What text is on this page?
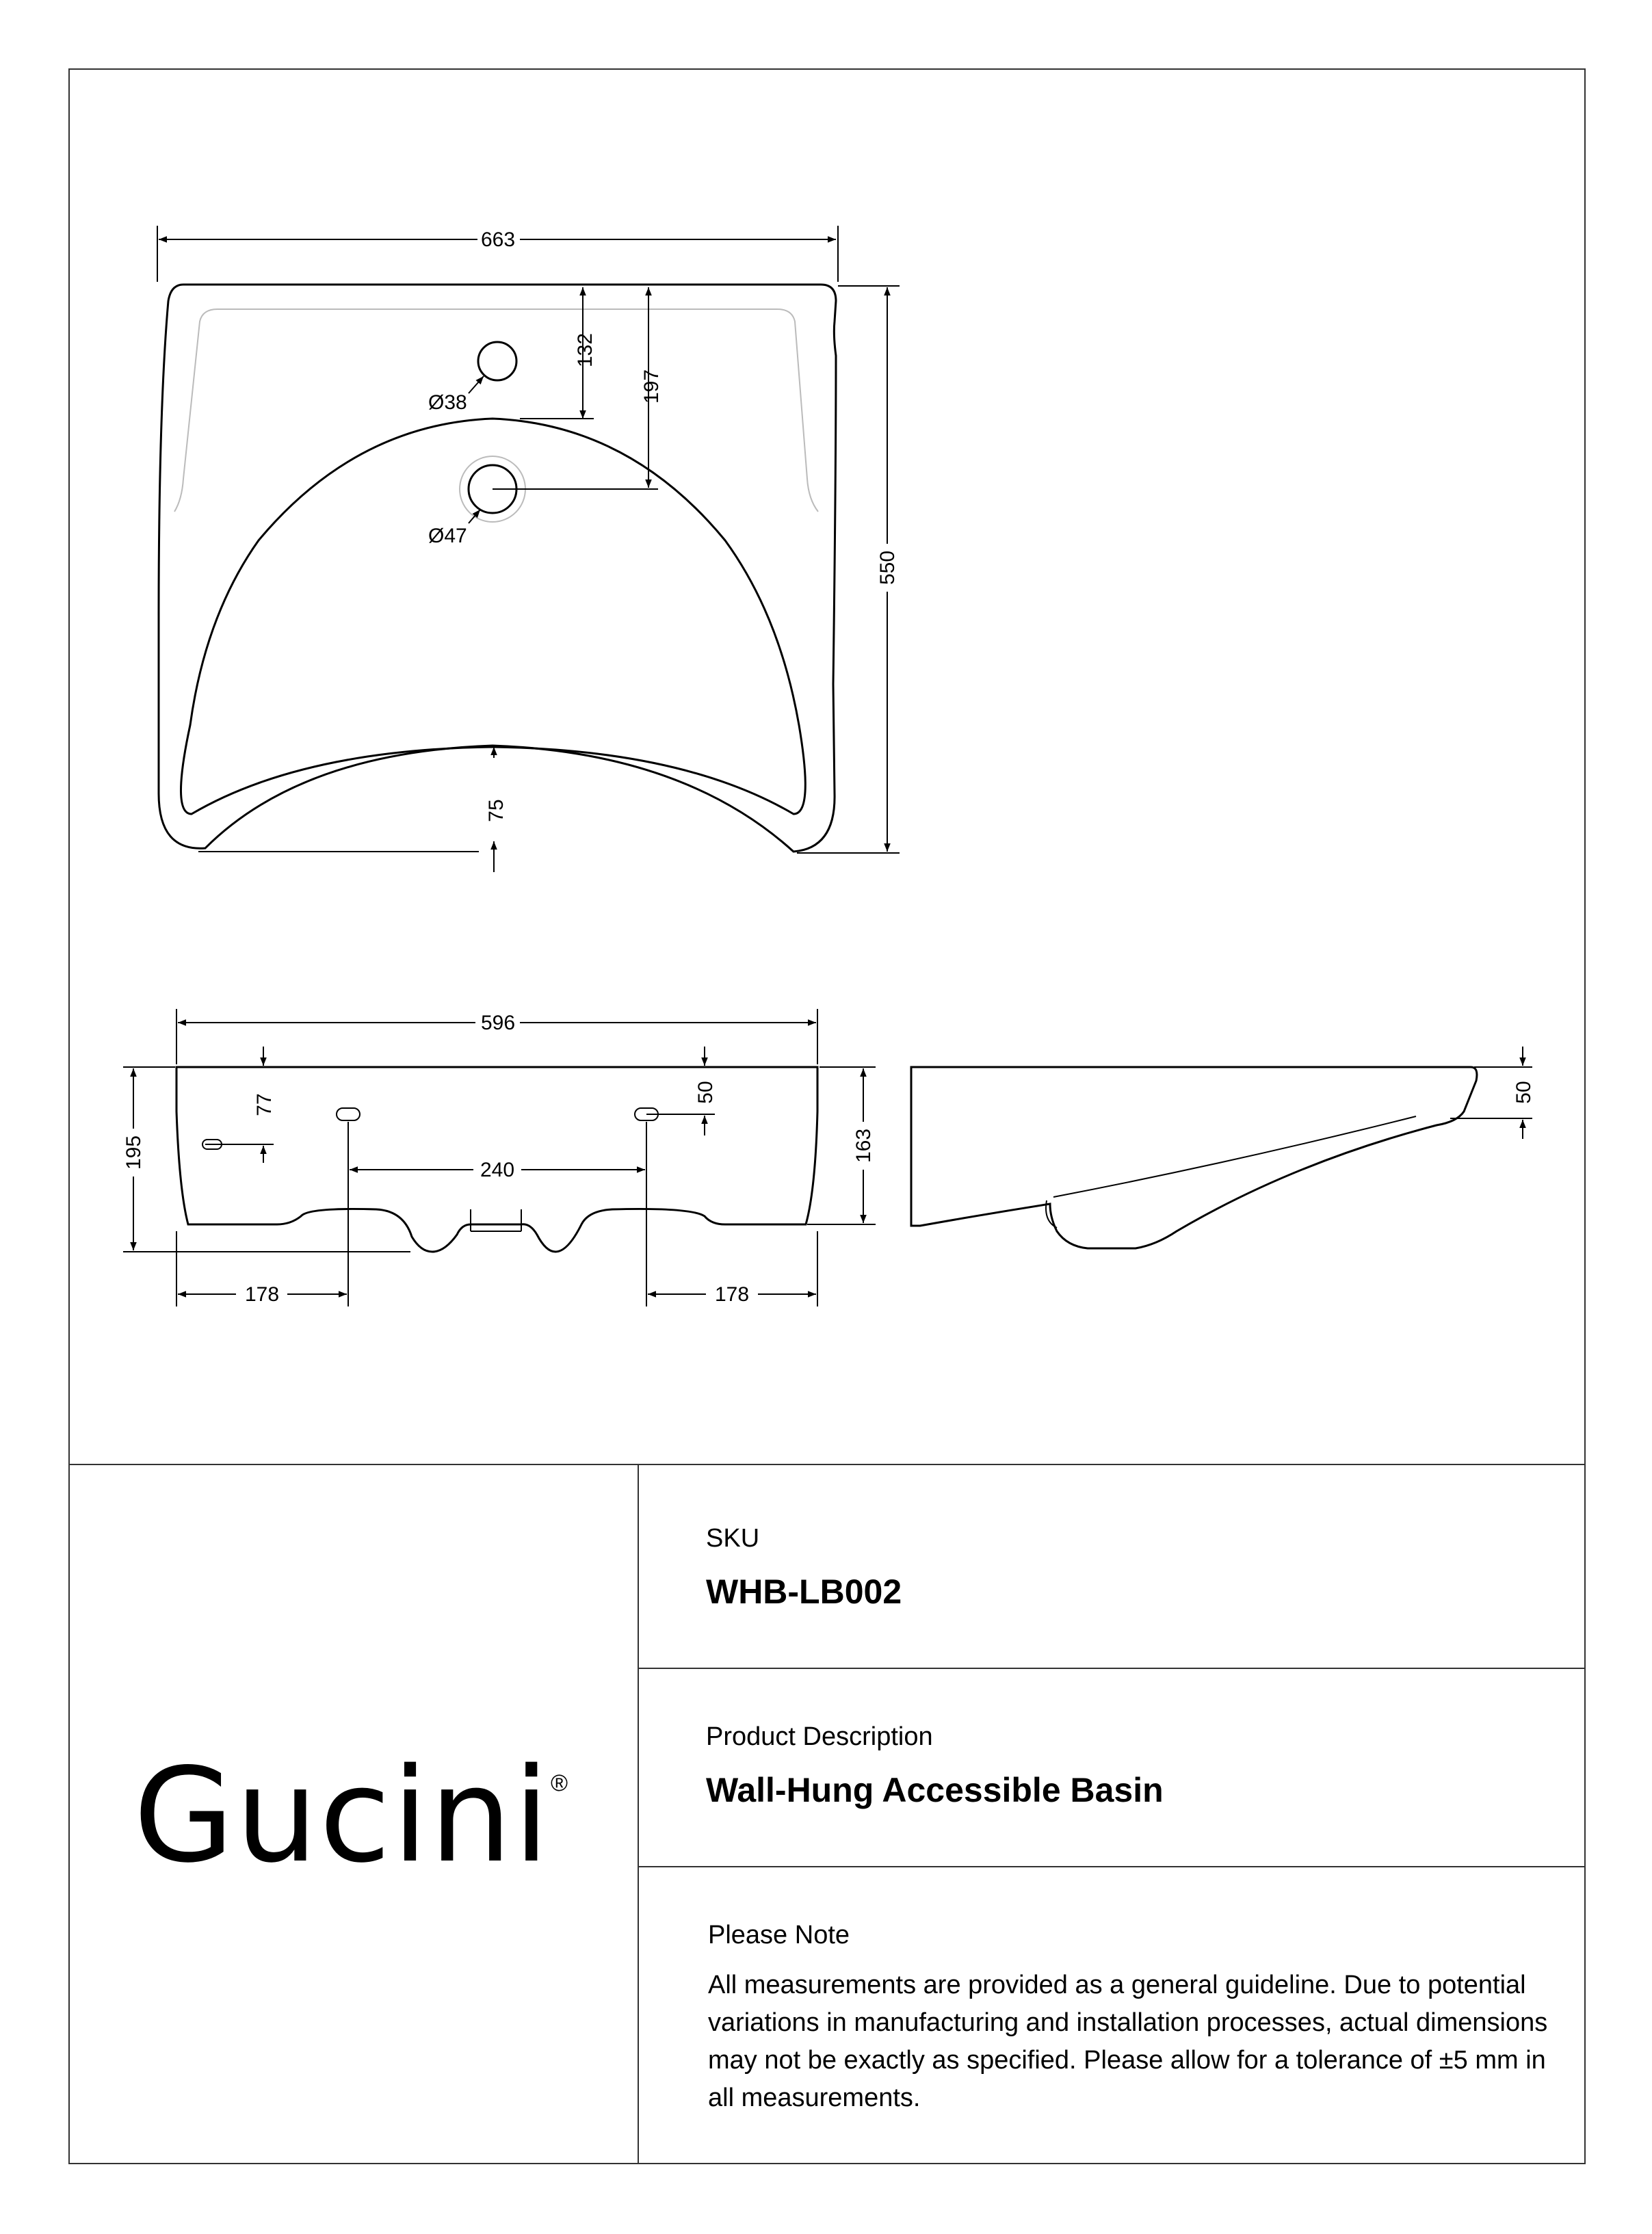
663
550
132
197
75
Ø38
Ø47
596
195	163
77
50
240
178	178
50
Gucini ®
SKU
WHB-LB002
Product Description
Wall-Hung Accessible Basin
Please Note
All measurements are provided as a general guideline. Due to potential variations in manufacturing and installation processes, actual dimensions may not be exactly as specified. Please allow for a tolerance of ±5 mm in all measurements.
